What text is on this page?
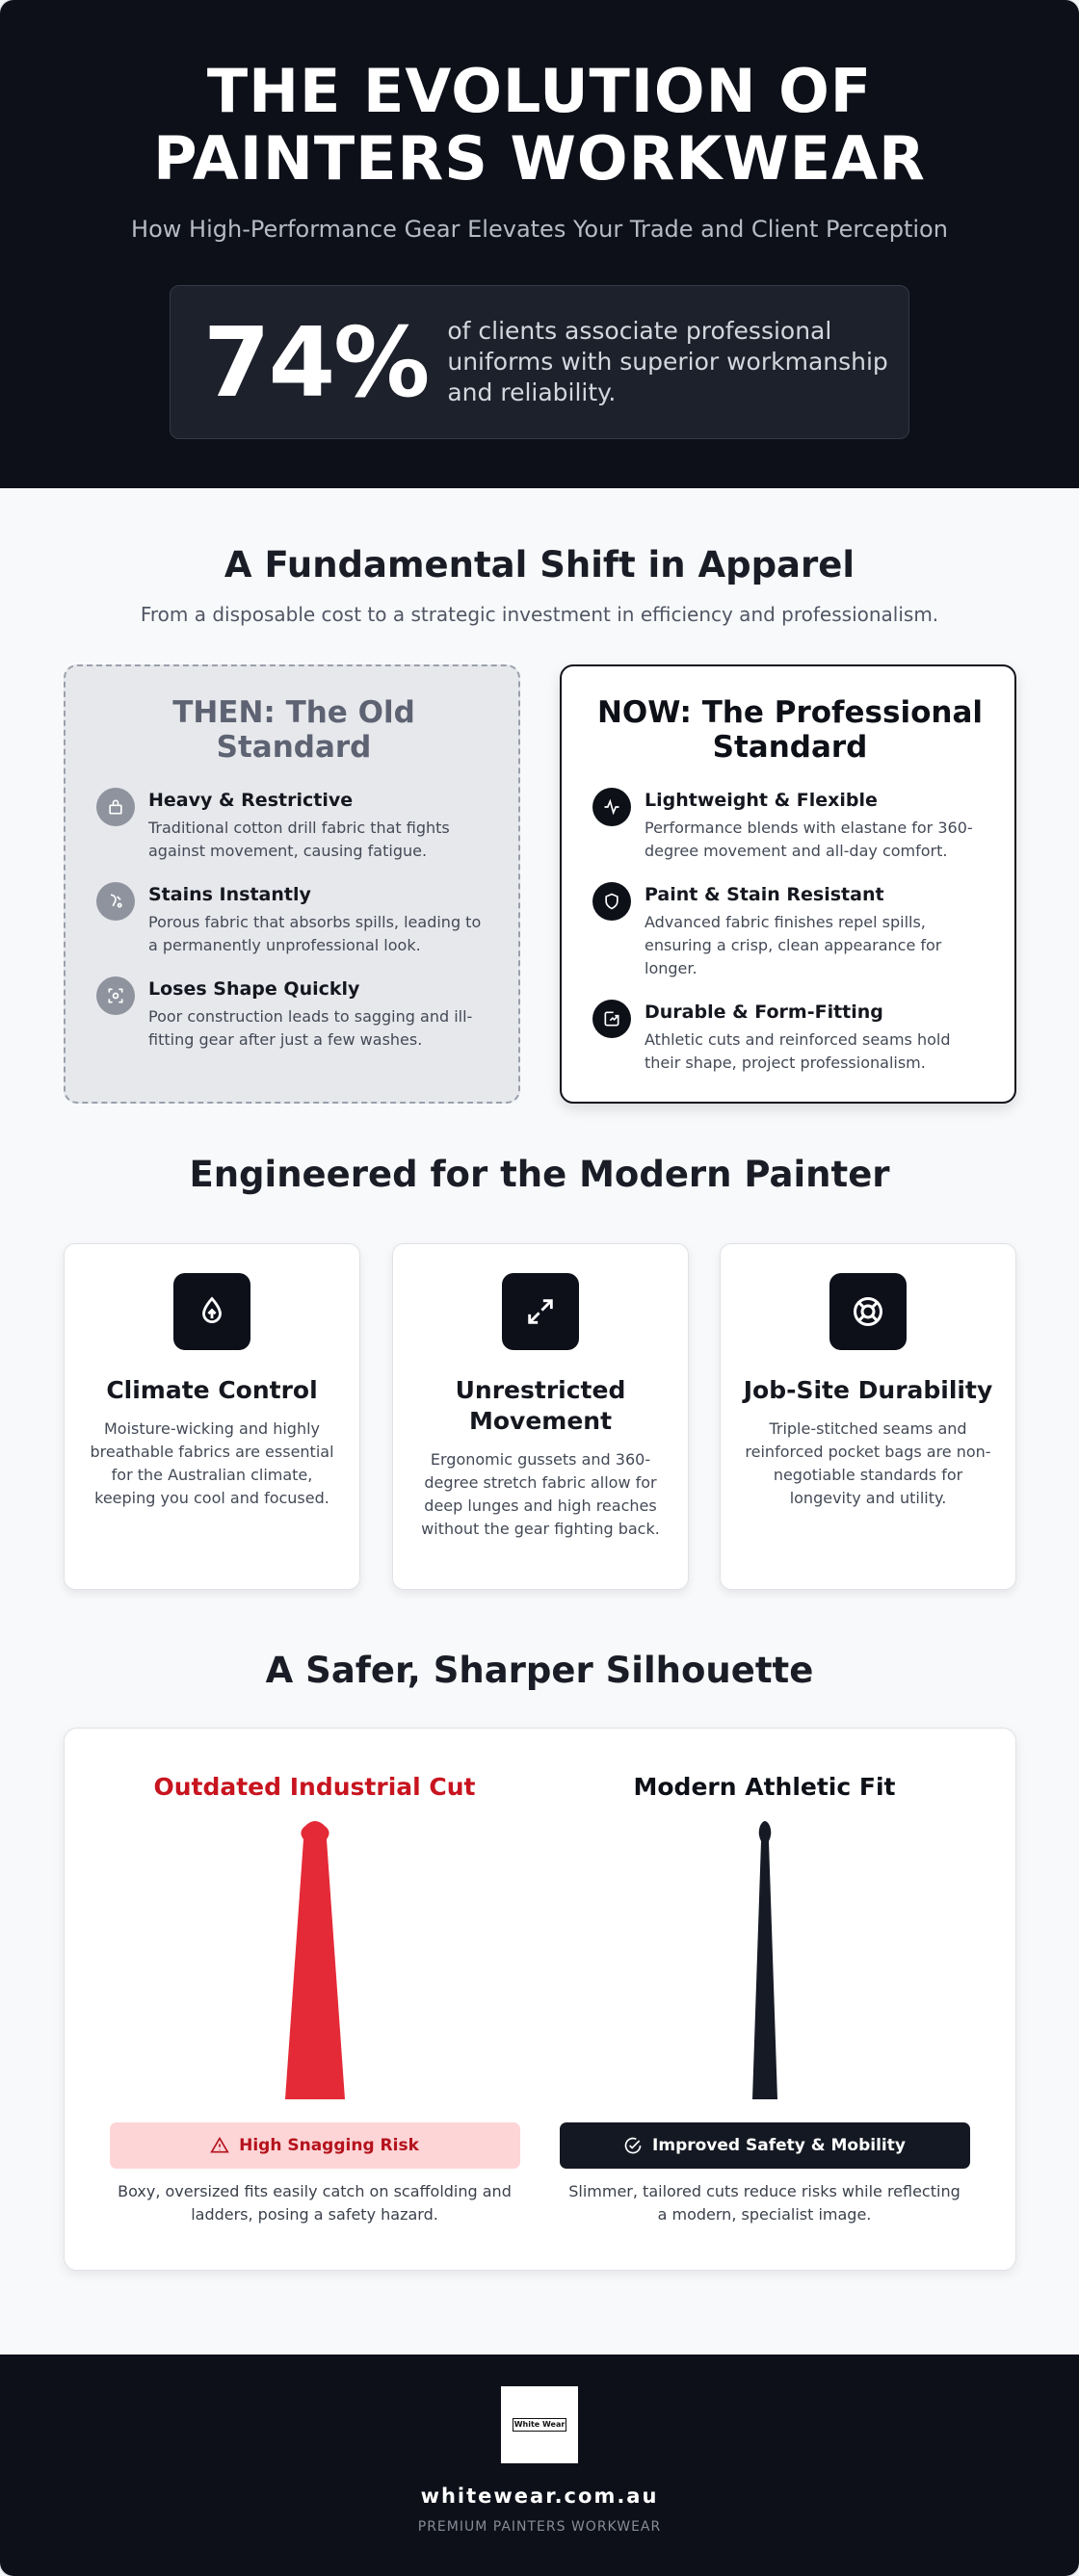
THE EVOLUTION OF PAINTERS WORKWEAR
How High-Performance Gear Elevates Your Trade and Client Perception
74% of clients associate professional uniforms with superior workmanship and reliability.
A Fundamental Shift in Apparel
From a disposable cost to a strategic investment in efficiency and professionalism.
THEN: The Old Standard
Heavy & Restrictive
Traditional cotton drill fabric that fights against movement, causing fatigue.
Stains Instantly
Porous fabric that absorbs spills, leading to a permanently unprofessional look.
Loses Shape Quickly
Poor construction leads to sagging and ill-fitting gear after just a few washes.
NOW: The Professional Standard
Lightweight & Flexible
Performance blends with elastane for 360-degree movement and all-day comfort.
Paint & Stain Resistant
Advanced fabric finishes repel spills, ensuring a crisp, clean appearance for longer.
Durable & Form-Fitting
Athletic cuts and reinforced seams hold their shape, project professionalism.
Engineered for the Modern Painter
Climate Control
Moisture-wicking and highly breathable fabrics are essential for the Australian climate, keeping you cool and focused.
Unrestricted Movement
Ergonomic gussets and 360-degree stretch fabric allow for deep lunges and high reaches without the gear fighting back.
Job-Site Durability
Triple-stitched seams and reinforced pocket bags are non-negotiable standards for longevity and utility.
A Safer, Sharper Silhouette
Outdated Industrial Cut
High Snagging Risk
Boxy, oversized fits easily catch on scaffolding and ladders, posing a safety hazard.
Modern Athletic Fit
Improved Safety & Mobility
Slimmer, tailored cuts reduce risks while reflecting a modern, specialist image.
White Wear
whitewear.com.au
PREMIUM PAINTERS WORKWEAR
